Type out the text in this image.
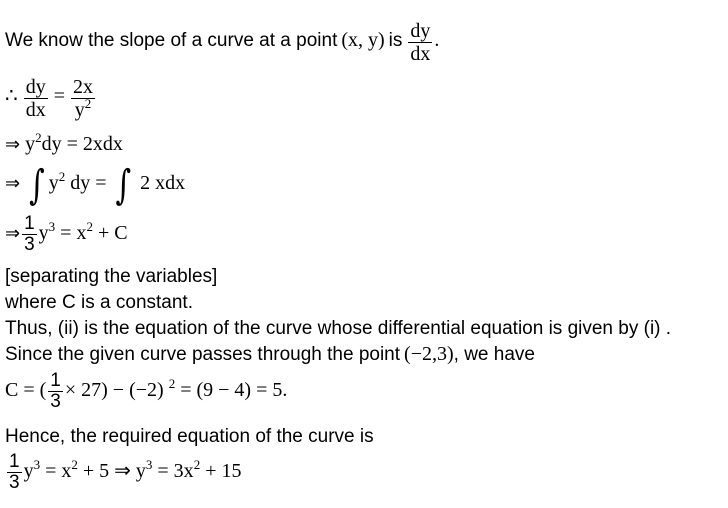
We know the slope of a curve at a point (x, y) is $\frac{dy}{dx}$ .
∴ $\frac{dy}{dx} = \frac{2x}{y^2}$
⇒ $y^2dy = 2xdx$
⇒ ∫ $y^2$ dy = ∫ 2 xdx
⇒ $\frac{1}{3} y^3 = x^2 + C$
[separating the variables]
where C is a constant.
Thus, (ii) is the equation of the curve whose differential equation is given by (i) .
Since the given curve passes through the point (−2,3), we have
C = ( $\frac{1}{3} \times 27) - (-2)$ $^2$ = (9 − 4) = 5.
Hence, the required equation of the curve is
$\frac{1}{3} y^3 = x^2 + 5$ ⇒ $y^3 = 3x^2 + 15$
